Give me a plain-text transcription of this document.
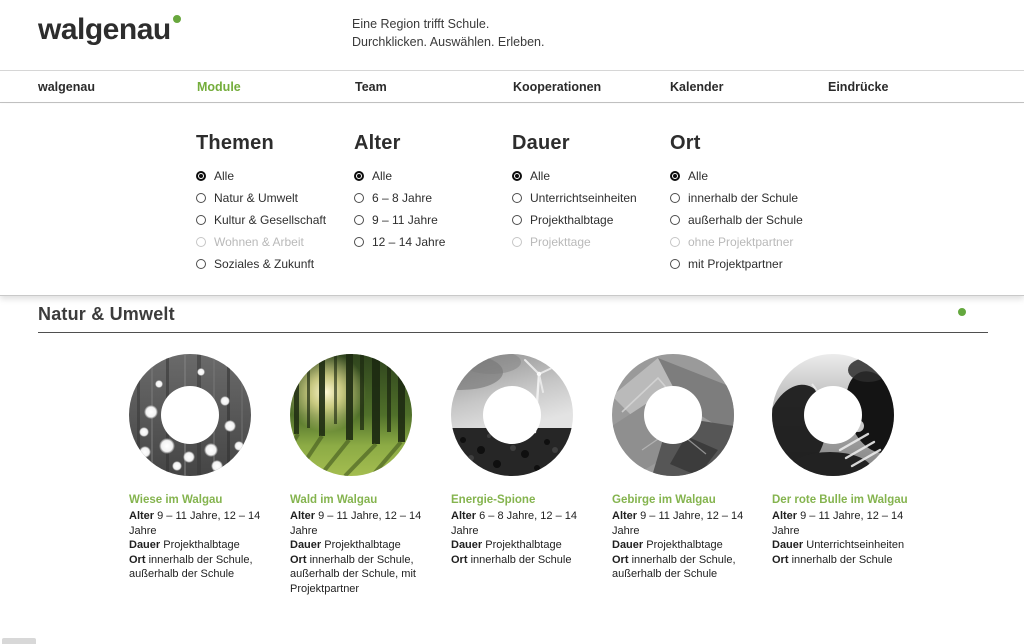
walgenau	Eine Region trifft Schule.
Durchklicken. Auswählen. Erleben.
walgenau	Module	Team	Kooperationen	Kalender	Eindrücke
Themen
Alle
Natur & Umwelt
Kultur & Gesellschaft
Wohnen & Arbeit
Soziales & Zukunft
Alter
Alle
6 – 8 Jahre
9 – 11 Jahre
12 – 14 Jahre
Dauer
Alle
Unterrichtseinheiten
Projekthalbtage
Projekttage
Ort
Alle
innerhalb der Schule
außerhalb der Schule
ohne Projektpartner
mit Projektpartner
Natur & Umwelt
Wiese im Walgau

Alter 9 – 11 Jahre, 12 – 14 Jahre

Dauer Projekthalbtage

Ort innerhalb der Schule, außerhalb der Schule

Wald im Walgau

Alter 9 – 11 Jahre, 12 – 14 Jahre

Dauer Projekthalbtage

Ort innerhalb der Schule, außerhalb der Schule, mit Projektpartner

Energie-Spione

Alter 6 – 8 Jahre, 12 – 14 Jahre

Dauer Projekthalbtage

Ort innerhalb der Schule

Gebirge im Walgau

Alter 9 – 11 Jahre, 12 – 14 Jahre

Dauer Projekthalbtage

Ort innerhalb der Schule, außerhalb der Schule

Der rote Bulle im Walgau

Alter 9 – 11 Jahre, 12 – 14 Jahre

Dauer Unterrichtseinheiten

Ort innerhalb der Schule
